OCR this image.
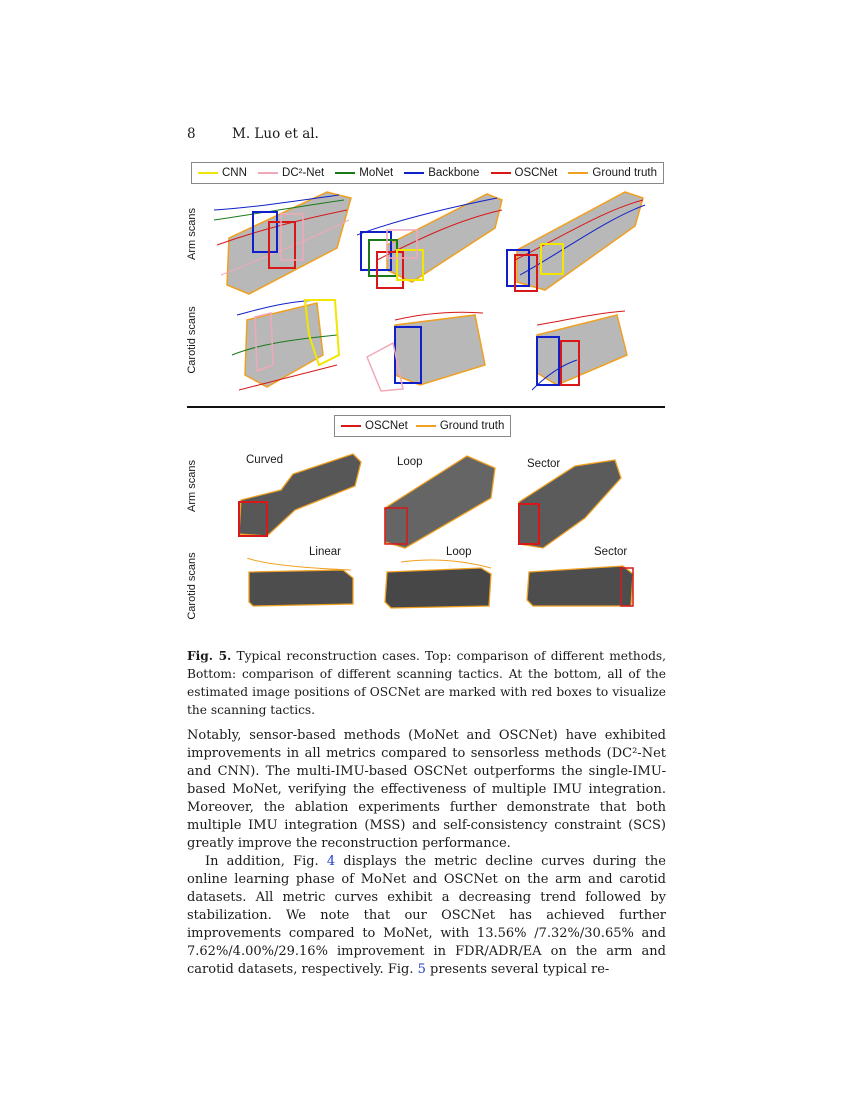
8	M. Luo et al.
CNN	DC²-Net	MoNet	Backbone	OSCNet	Ground truth
Arm scans
Carotid scans
OSCNet	Ground truth
Arm scans
Carotid scans
Curved	Loop	Sector
Linear	Loop	Sector
Fig. 5. Typical reconstruction cases. Top: comparison of different methods, Bottom: comparison of different scanning tactics. At the bottom, all of the estimated image positions of OSCNet are marked with red boxes to visualize the scanning tactics.

Notably, sensor-based methods (MoNet and OSCNet) have exhibited improvements in all metrics compared to sensorless methods (DC²-Net and CNN). The multi-IMU-based OSCNet outperforms the single-IMU-based MoNet, verifying the effectiveness of multiple IMU integration. Moreover, the ablation experiments further demonstrate that both multiple IMU integration (MSS) and self-consistency constraint (SCS) greatly improve the reconstruction performance.

In addition, Fig. 4 displays the metric decline curves during the online learning phase of MoNet and OSCNet on the arm and carotid datasets. All metric curves exhibit a decreasing trend followed by stabilization. We note that our OSCNet has achieved further improvements compared to MoNet, with 13.56% /7.32%/30.65% and 7.62%/4.00%/29.16% improvement in FDR/ADR/EA on the arm and carotid datasets, respectively. Fig. 5 presents several typical re-
